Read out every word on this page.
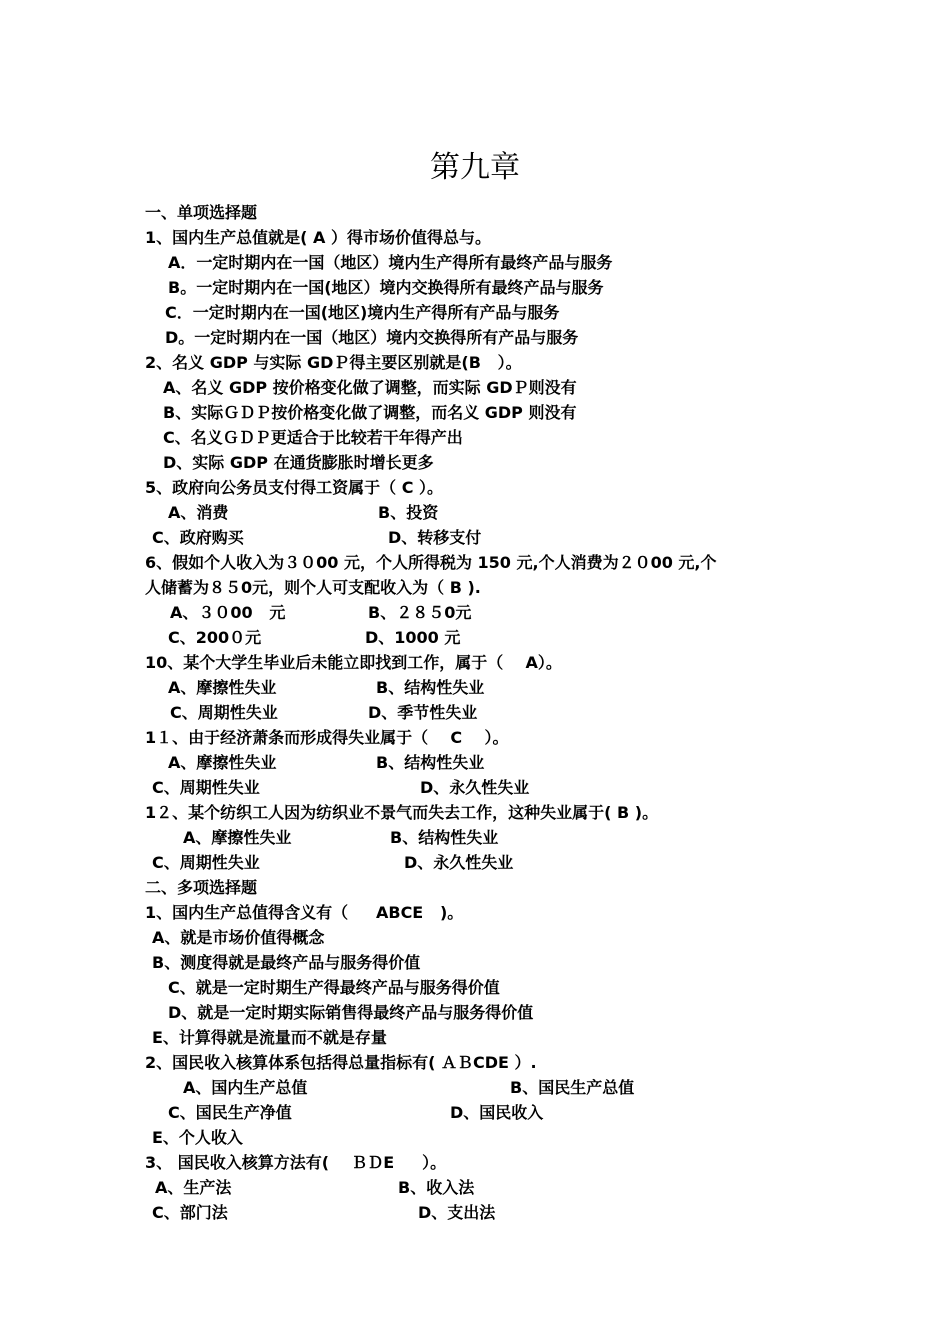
第九章
一、单项选择题
1、国内生产总值就是( A ）得市场价值得总与。
A．一定时期内在一国（地区）境内生产得所有最终产品与服务
B。一定时期内在一国(地区）境内交换得所有最终产品与服务
C．一定时期内在一国(地区)境内生产得所有产品与服务
D。一定时期内在一国（地区）境内交换得所有产品与服务
2、名义 GDP 与实际 GDＰ得主要区别就是(B   ）。
A、名义 GDP 按价格变化做了调整，而实际 GDＰ则没有
B、实际ＧＤＰ按价格变化做了调整，而名义 GDP 则没有
C、名义ＧＤＰ更适合于比较若干年得产出
D、实际 GDP 在通货膨胀时增长更多
5、政府向公务员支付得工资属于（ C ）。
A、消费	B、投资
C、政府购买	D、转移支付
6、假如个人收入为３０00 元，个人所得税为 150 元,个人消费为２０00 元,个
人储蓄为８５0元，则个人可支配收入为（ B ).
A、３０00   元	B、２８５0元
C、200０元	D、1000 元
10、某个大学生毕业后未能立即找到工作，属于（    A）。
A、摩擦性失业	B、结构性失业
C、周期性失业	D、季节性失业
1１、由于经济萧条而形成得失业属于（    C    ）。
A、摩擦性失业	B、结构性失业
C、周期性失业	D、永久性失业
1２、某个纺织工人因为纺织业不景气而失去工作，这种失业属于( B )。
A、摩擦性失业	B、结构性失业
C、周期性失业	D、永久性失业
二、多项选择题
1、国内生产总值得含义有（     ABCE   )。
A、就是市场价值得概念
B、测度得就是最终产品与服务得价值
C、就是一定时期生产得最终产品与服务得价值
D、就是一定时期实际销售得最终产品与服务得价值
E、计算得就是流量而不就是存量
2、国民收入核算体系包括得总量指标有( ＡＢCDE ）.
A、国内生产总值	B、国民生产总值
C、国民生产净值	D、国民收入
E、个人收入
3、 国民收入核算方法有(    ＢＤE     ）。
A、生产法	B、收入法
C、部门法	D、支出法
